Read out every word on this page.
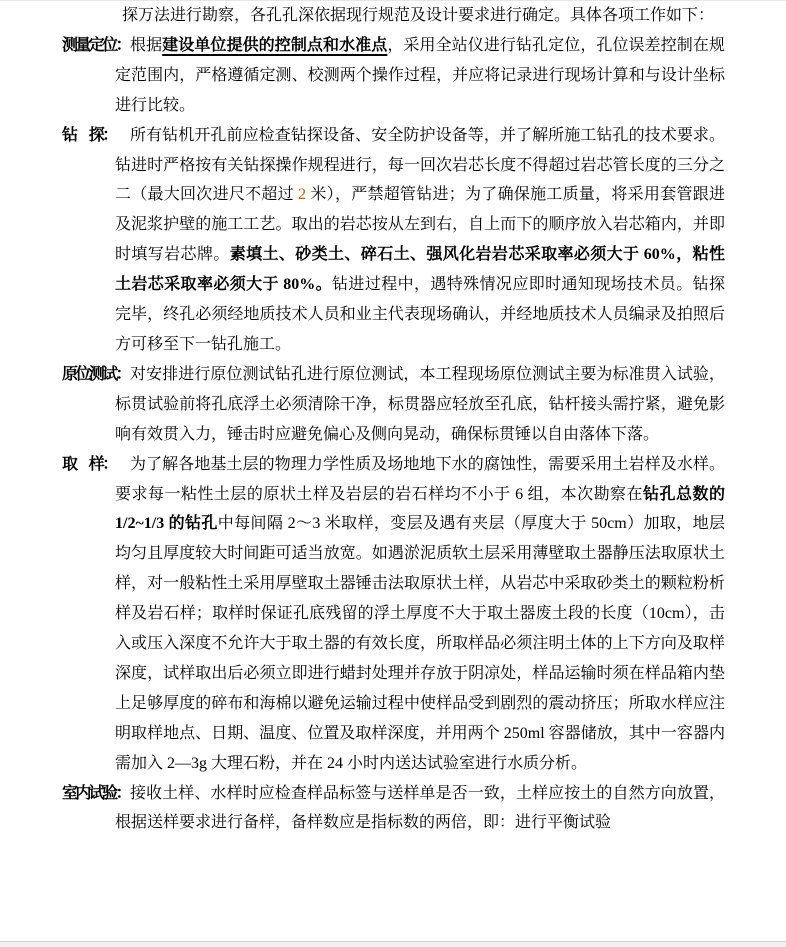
探万法进行勘察，各孔孔深依据现行规范及设计要求进行确定。具体各项工作如下：
测量定位： 根据建设单位提供的控制点和水准点，采用全站仪进行钻孔定位，孔位误差控制在规定范围内，严格遵循定测、校测两个操作过程，并应将记录进行现场计算和与设计坐标进行比较。
钻　探： 所有钻机开孔前应检查钻探设备、安全防护设备等，并了解所施工钻孔的技术要求。钻进时严格按有关钻探操作规程进行，每一回次岩芯长度不得超过岩芯管长度的三分之二（最大回次进尺不超过 2 米），严禁超管钻进；为了确保施工质量，将采用套管跟进及泥浆护壁的施工工艺。取出的岩芯按从左到右，自上而下的顺序放入岩芯箱内，并即时填写岩芯牌。素填土、砂类土、碎石土、强风化岩岩芯采取率必须大于 60%，粘性土岩芯采取率必须大于 80%。钻进过程中，遇特殊情况应即时通知现场技术员。钻探完毕，终孔必须经地质技术人员和业主代表现场确认，并经地质技术人员编录及拍照后方可移至下一钻孔施工。
原位测试： 对安排进行原位测试钻孔进行原位测试，本工程现场原位测试主要为标准贯入试验，标贯试验前将孔底浮土必须清除干净，标贯器应轻放至孔底，钻杆接头需拧紧，避免影响有效贯入力，锤击时应避免偏心及侧向晃动，确保标贯锤以自由落体下落。
取　样： 为了解各地基土层的物理力学性质及场地地下水的腐蚀性，需要采用土岩样及水样。要求每一粘性土层的原状土样及岩层的岩石样均不小于 6 组，本次勘察在钻孔总数的 1/2~1/3 的钻孔中每间隔 2～3 米取样，变层及遇有夹层（厚度大于 50cm）加取，地层均匀且厚度较大时间距可适当放宽。如遇淤泥质软土层采用薄壁取土器静压法取原状土样，对一般粘性土采用厚壁取土器锤击法取原状土样，从岩芯中采取砂类土的颗粒粉析样及岩石样；取样时保证孔底残留的浮土厚度不大于取土器废土段的长度（10cm），击入或压入深度不允许大于取土器的有效长度，所取样品必须注明土体的上下方向及取样深度，试样取出后必须立即进行蜡封处理并存放于阴凉处，样品运输时须在样品箱内垫上足够厚度的碎布和海棉以避免运输过程中使样品受到剧烈的震动挤压；所取水样应注明取样地点、日期、温度、位置及取样深度，并用两个 250ml 容器储放，其中一容器内需加入 2—3g 大理石粉，并在 24 小时内送达试验室进行水质分析。
室内试验： 接收土样、水样时应检查样品标签与送样单是否一致，土样应按土的自然方向放置，根据送样要求进行备样，备样数应是指标数的两倍，即：进行平衡试验
